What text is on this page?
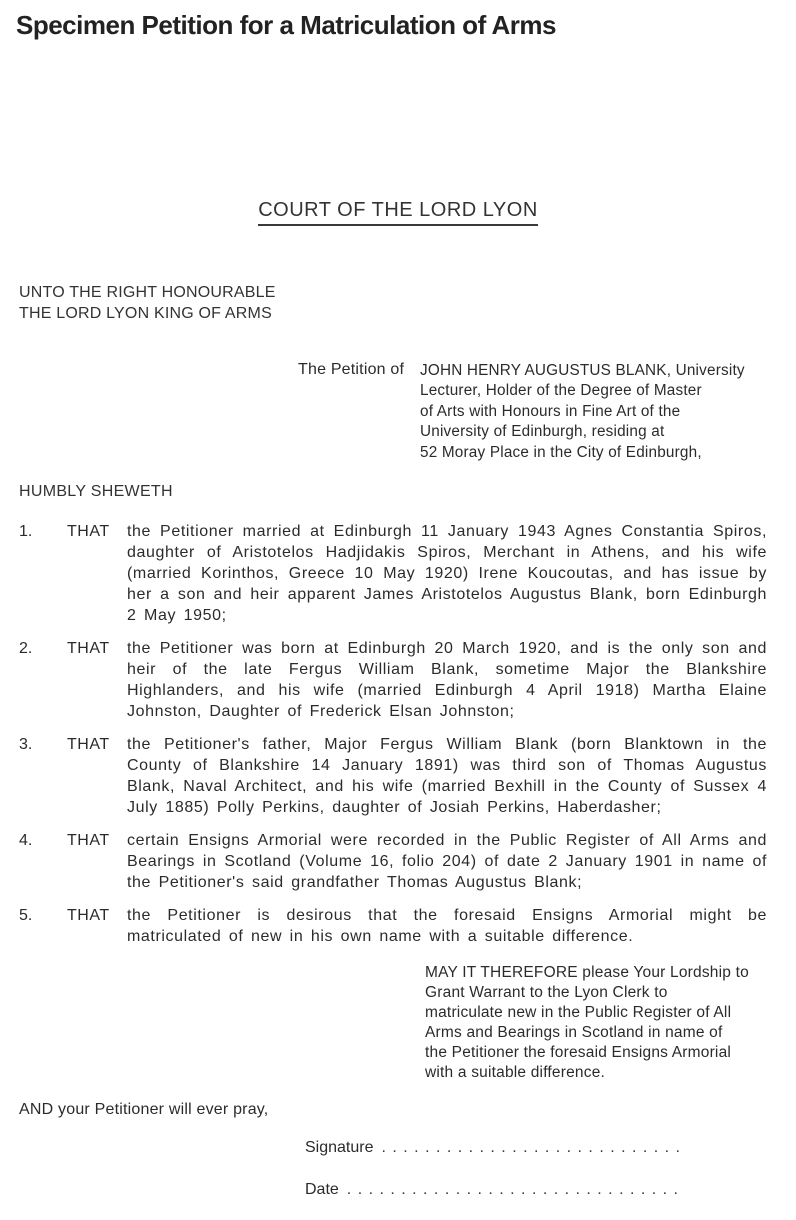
Specimen Petition for a Matriculation of Arms
COURT OF THE LORD LYON
UNTO THE RIGHT HONOURABLE
THE LORD LYON KING OF ARMS
The Petition of JOHN HENRY AUGUSTUS BLANK, University
Lecturer, Holder of the Degree of Master
of Arts with Honours in Fine Art of the
University of Edinburgh, residing at
52 Moray Place in the City of Edinburgh,
HUMBLY SHEWETH
1. THAT the Petitioner married at Edinburgh 11 January 1943 Agnes Constantia Spiros, daughter of Aristotelos Hadjidakis Spiros, Merchant in Athens, and his wife (married Korinthos, Greece 10 May 1920) Irene Koucoutas, and has issue by her a son and heir apparent James Aristotelos Augustus Blank, born Edinburgh 2 May 1950;
2. THAT the Petitioner was born at Edinburgh 20 March 1920, and is the only son and heir of the late Fergus William Blank, sometime Major the Blankshire Highlanders, and his wife (married Edinburgh 4 April 1918) Martha Elaine Johnston, Daughter of Frederick Elsan Johnston;
3. THAT the Petitioner's father, Major Fergus William Blank (born Blanktown in the County of Blankshire 14 January 1891) was third son of Thomas Augustus Blank, Naval Architect, and his wife (married Bexhill in the County of Sussex 4 July 1885) Polly Perkins, daughter of Josiah Perkins, Haberdasher;
4. THAT certain Ensigns Armorial were recorded in the Public Register of All Arms and Bearings in Scotland (Volume 16, folio 204) of date 2 January 1901 in name of the Petitioner's said grandfather Thomas Augustus Blank;
5. THAT the Petitioner is desirous that the foresaid Ensigns Armorial might be matriculated of new in his own name with a suitable difference.
MAY IT THEREFORE please Your Lordship to
Grant Warrant to the Lyon Clerk to
matriculate new in the Public Register of All
Arms and Bearings in Scotland in name of
the Petitioner the foresaid Ensigns Armorial
with a suitable difference.
AND your Petitioner will ever pray,
Signature . . . . . . . . . . . . . . . . . . . . . . . . . . . .
Date . . . . . . . . . . . . . . . . . . . . . . . . . . . . . . .
